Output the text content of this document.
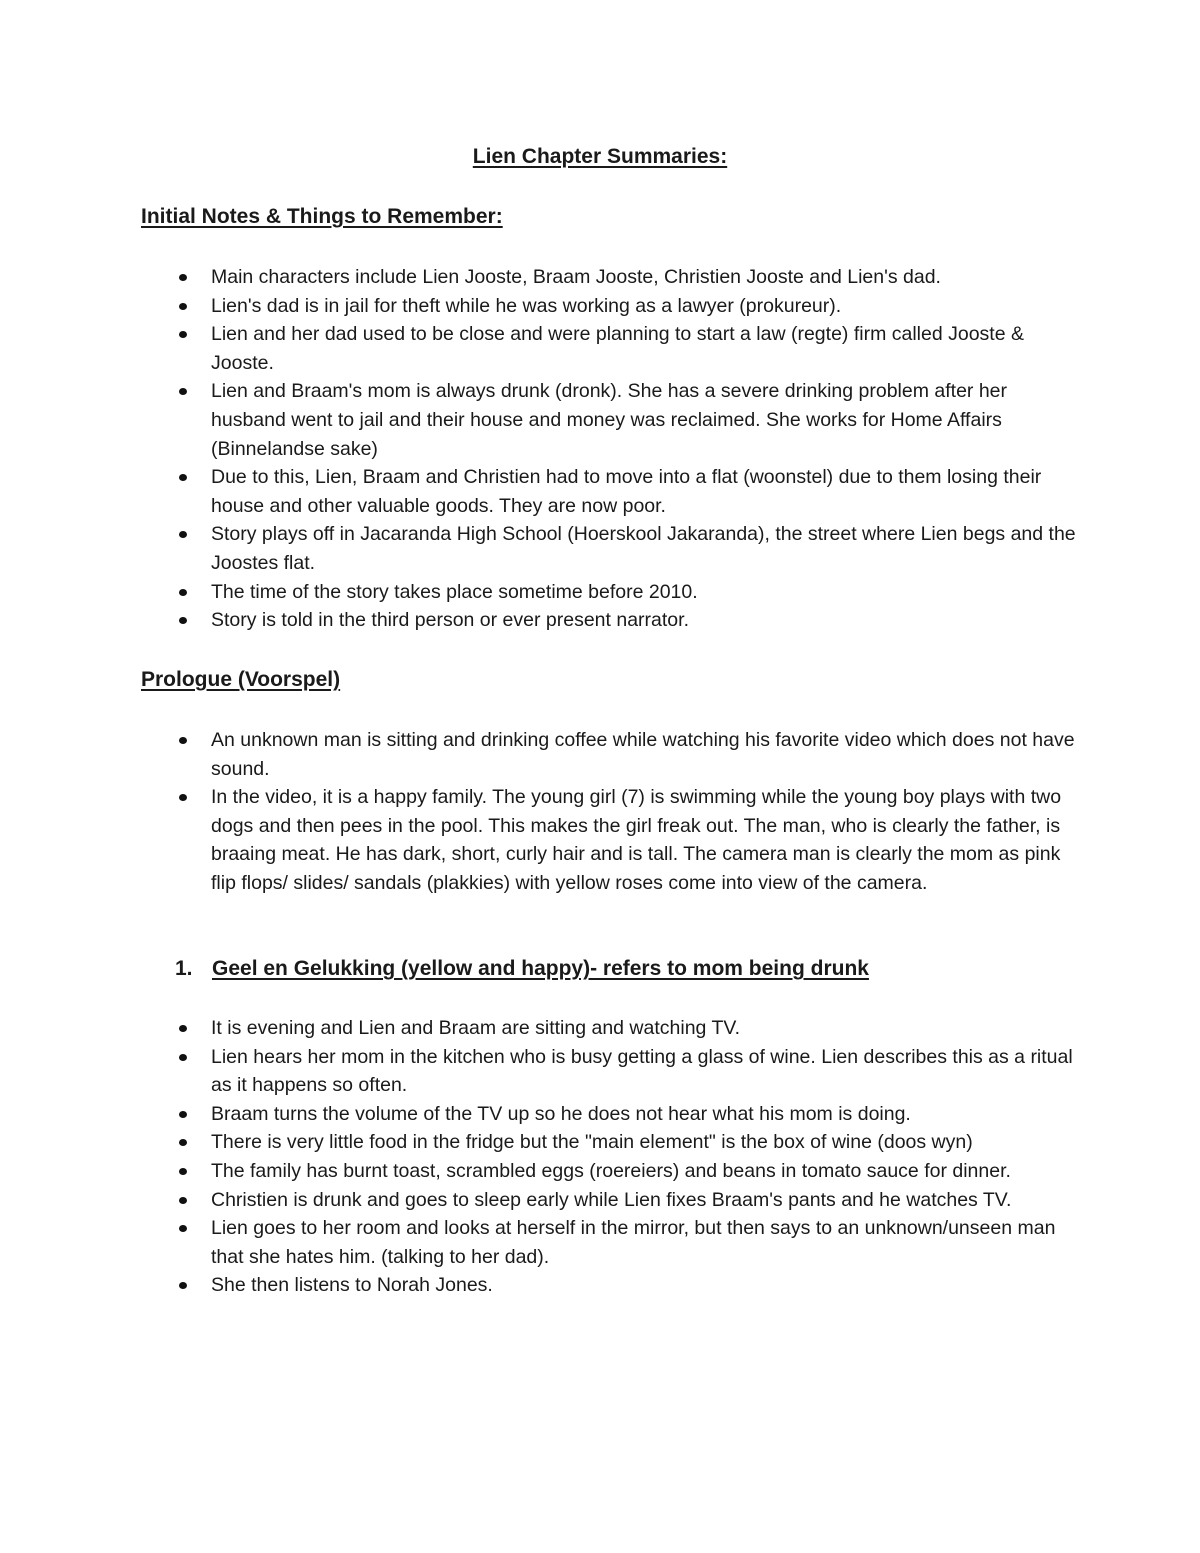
Lien Chapter Summaries:
Initial Notes & Things to Remember:
Main characters include Lien Jooste, Braam Jooste, Christien Jooste and Lien's dad.
Lien's dad is in jail for theft while he was working as a lawyer (prokureur).
Lien and her dad used to be close and were planning to start a law (regte) firm called Jooste & Jooste.
Lien and Braam's mom is always drunk (dronk). She has a severe drinking problem after her husband went to jail and their house and money was reclaimed. She works for Home Affairs (Binnelandse sake)
Due to this, Lien, Braam and Christien had to move into a flat (woonstel) due to them losing their house and other valuable goods. They are now poor.
Story plays off in Jacaranda High School (Hoerskool Jakaranda), the street where Lien begs and the Joostes flat.
The time of the story takes place sometime before 2010.
Story is told in the third person or ever present narrator.
Prologue (Voorspel)
An unknown man is sitting and drinking coffee while watching his favorite video which does not have sound.
In the video, it is a happy family. The young girl (7) is swimming while the young boy plays with two dogs and then pees in the pool. This makes the girl freak out. The man, who is clearly the father, is braaing meat. He has dark, short, curly hair and is tall. The camera man is clearly the mom as pink flip flops/ slides/ sandals (plakkies) with yellow roses come into view of the camera.
1. Geel en Gelukking (yellow and happy)- refers to mom being drunk
It is evening and Lien and Braam are sitting and watching TV.
Lien hears her mom in the kitchen who is busy getting a glass of wine. Lien describes this as a ritual as it happens so often.
Braam turns the volume of the TV up so he does not hear what his mom is doing.
There is very little food in the fridge but the "main element" is the box of wine (doos wyn)
The family has burnt toast, scrambled eggs (roereiers) and beans in tomato sauce for dinner.
Christien is drunk and goes to sleep early while Lien fixes Braam's pants and he watches TV.
Lien goes to her room and looks at herself in the mirror, but then says to an unknown/unseen man that she hates him. (talking to her dad).
She then listens to Norah Jones.
